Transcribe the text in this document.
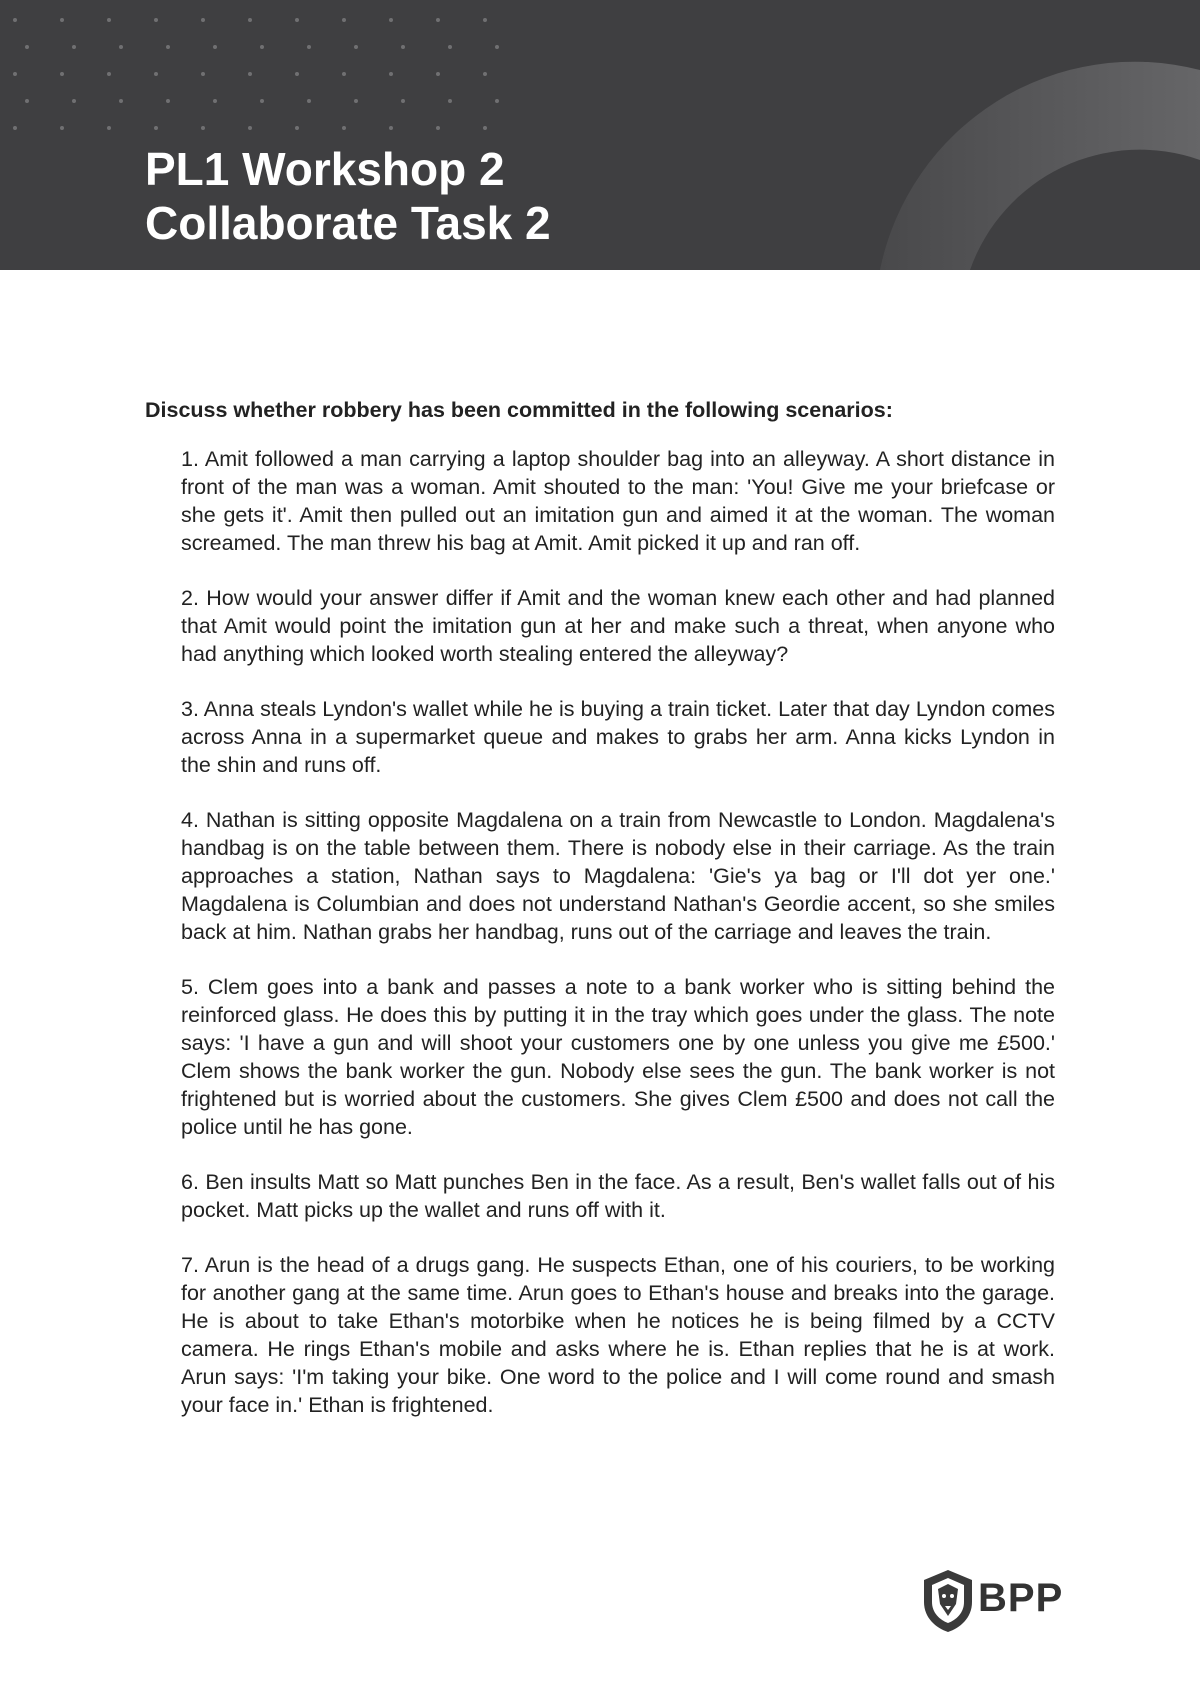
PL1 Workshop 2
Collaborate Task 2

Discuss whether robbery has been committed in the following scenarios:

1. Amit followed a man carrying a laptop shoulder bag into an alleyway. A short distance in front of the man was a woman. Amit shouted to the man: 'You! Give me your briefcase or she gets it'. Amit then pulled out an imitation gun and aimed it at the woman. The woman screamed. The man threw his bag at Amit. Amit picked it up and ran off.
2. How would your answer differ if Amit and the woman knew each other and had planned that Amit would point the imitation gun at her and make such a threat, when anyone who had anything which looked worth stealing entered the alleyway?
3. Anna steals Lyndon's wallet while he is buying a train ticket. Later that day Lyndon comes across Anna in a supermarket queue and makes to grabs her arm. Anna kicks Lyndon in the shin and runs off.
4. Nathan is sitting opposite Magdalena on a train from Newcastle to London. Magdalena's handbag is on the table between them. There is nobody else in their carriage. As the train approaches a station, Nathan says to Magdalena: 'Gie's ya bag or I'll dot yer one.' Magdalena is Columbian and does not understand Nathan's Geordie accent, so she smiles back at him. Nathan grabs her handbag, runs out of the carriage and leaves the train.
5. Clem goes into a bank and passes a note to a bank worker who is sitting behind the reinforced glass. He does this by putting it in the tray which goes under the glass. The note says: 'I have a gun and will shoot your customers one by one unless you give me £500.' Clem shows the bank worker the gun. Nobody else sees the gun. The bank worker is not frightened but is worried about the customers. She gives Clem £500 and does not call the police until he has gone.
6. Ben insults Matt so Matt punches Ben in the face. As a result, Ben's wallet falls out of his pocket. Matt picks up the wallet and runs off with it.
7. Arun is the head of a drugs gang. He suspects Ethan, one of his couriers, to be working for another gang at the same time. Arun goes to Ethan's house and breaks into the garage. He is about to take Ethan's motorbike when he notices he is being filmed by a CCTV camera. He rings Ethan's mobile and asks where he is. Ethan replies that he is at work. Arun says: 'I'm taking your bike. One word to the police and I will come round and smash your face in.' Ethan is frightened.
BPP
